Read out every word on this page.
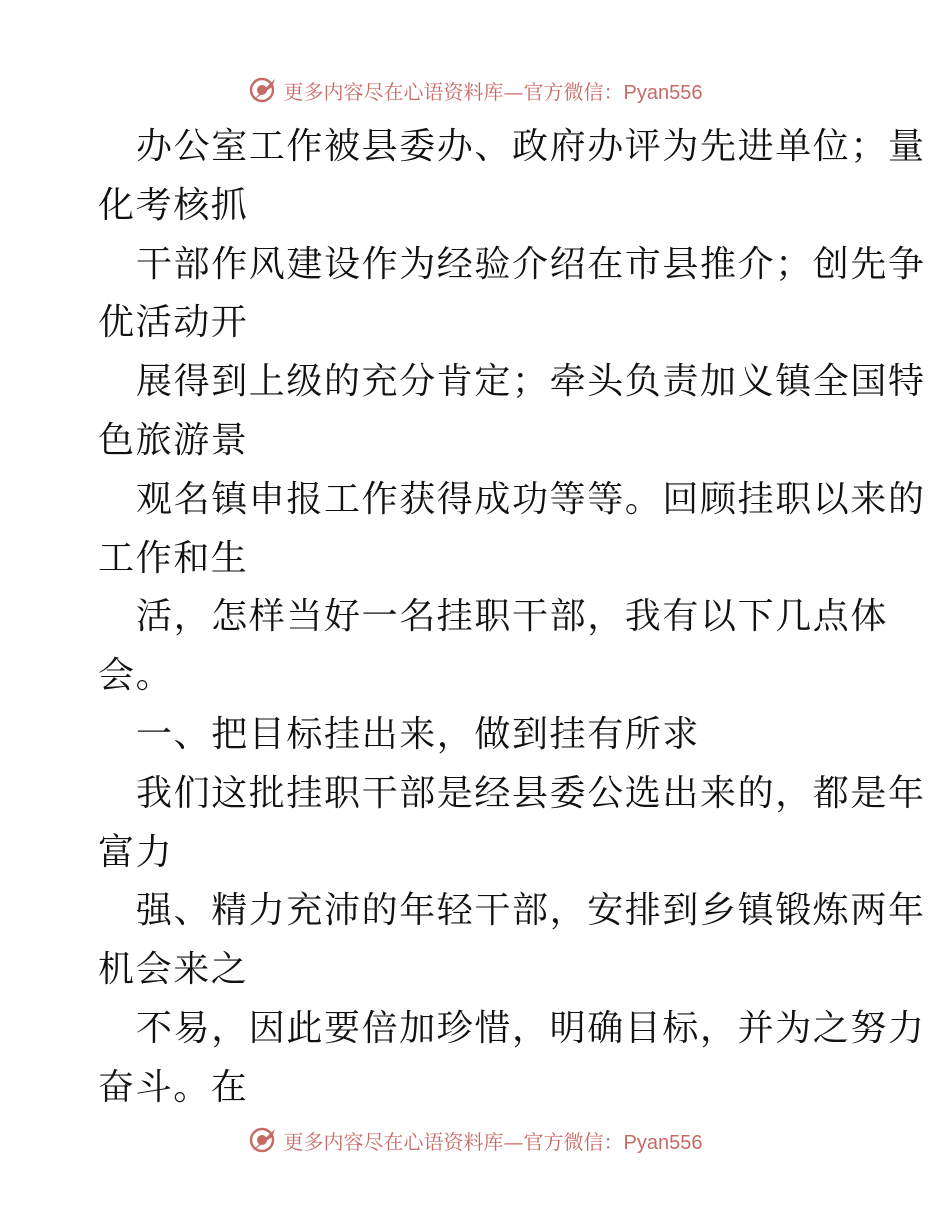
更多内容尽在心语资料库—官方微信：Pyan556
办公室工作被县委办、政府办评为先进单位；量
化考核抓
干部作风建设作为经验介绍在市县推介；创先争
优活动开
展得到上级的充分肯定；牵头负责加义镇全国特
色旅游景
观名镇申报工作获得成功等等。回顾挂职以来的
工作和生
活，怎样当好一名挂职干部，我有以下几点体
会。
一、把目标挂出来，做到挂有所求
我们这批挂职干部是经县委公选出来的，都是年
富力
强、精力充沛的年轻干部，安排到乡镇锻炼两年
机会来之
不易，因此要倍加珍惜，明确目标，并为之努力
奋斗。在
更多内容尽在心语资料库—官方微信：Pyan556
